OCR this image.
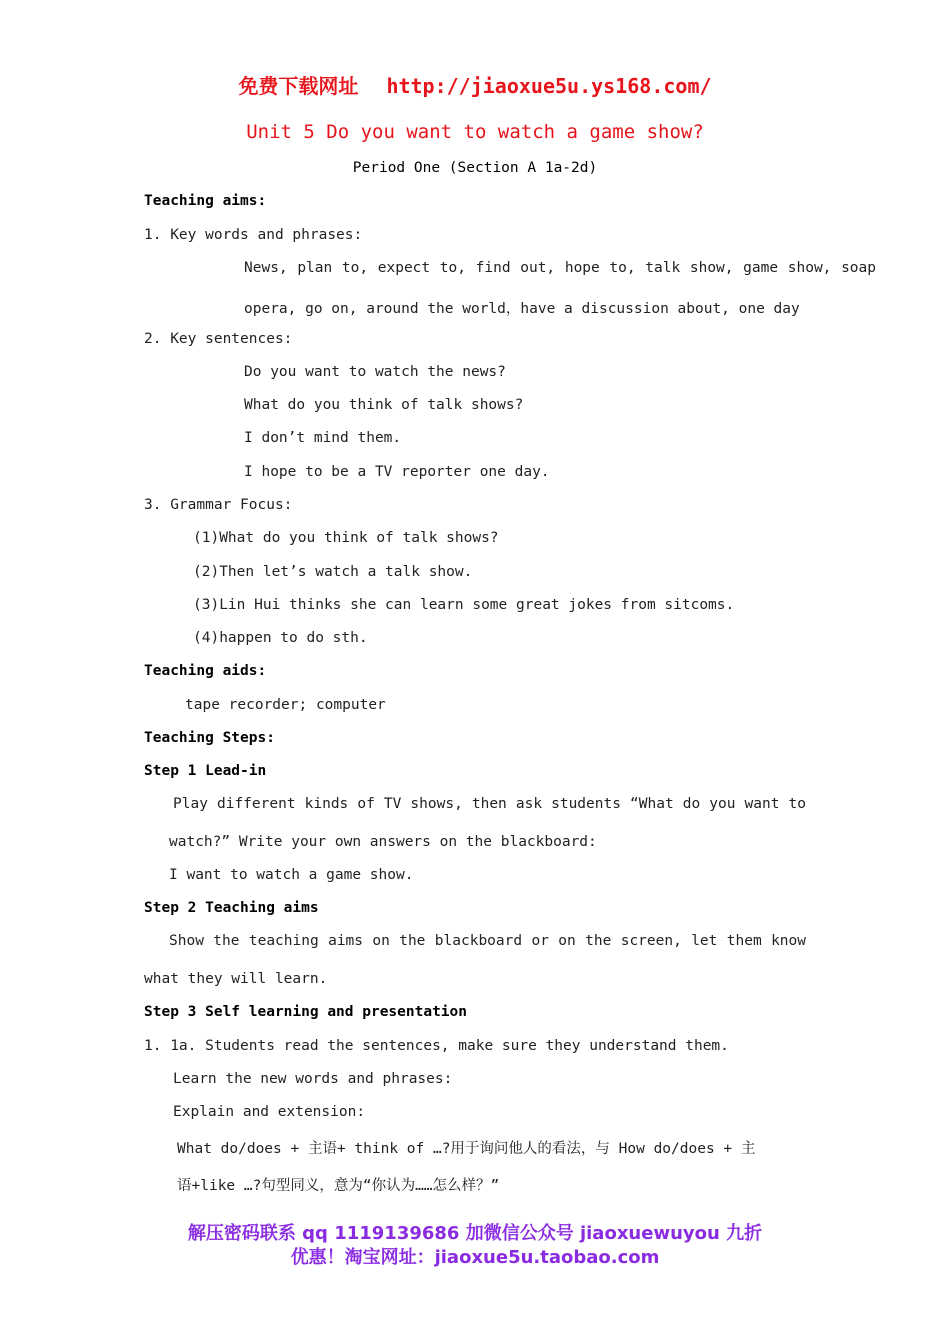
免费下载网址 http://jiaoxue5u.ys168.com/
Unit 5 Do you want to watch a game show?
Period One (Section A 1a-2d)
Teaching aims:
1. Key words and phrases:
News, plan to, expect to, find out, hope to, talk show, game show, soap
opera, go on, around the world，have a discussion about, one day
2. Key sentences:
Do you want to watch the news?
What do you think of talk shows?
I don’t mind them.
I hope to be a TV reporter one day.
3. Grammar Focus:
(1)What do you think of talk shows?
(2)Then let’s watch a talk show.
(3)Lin Hui thinks she can learn some great jokes from sitcoms.
(4)happen to do sth.
Teaching aids:
tape recorder; computer
Teaching Steps:
Step 1 Lead-in
Play different kinds of TV shows, then ask students “What do you want to
watch?” Write your own answers on the blackboard:
I want to watch a game show.
Step 2 Teaching aims
Show the teaching aims on the blackboard or on the screen, let them know
what they will learn.
Step 3 Self learning and presentation
1. 1a. Students read the sentences, make sure they understand them.
Learn the new words and phrases:
Explain and extension:
What do/does + 主语+ think of …?用于询问他人的看法，与 How do/does + 主
语+like …?句型同义，意为“你认为……怎么样？”
解压密码联系 qq 1119139686 加微信公众号 jiaoxuewuyou 九折
优惠！淘宝网址：jiaoxue5u.taobao.com
